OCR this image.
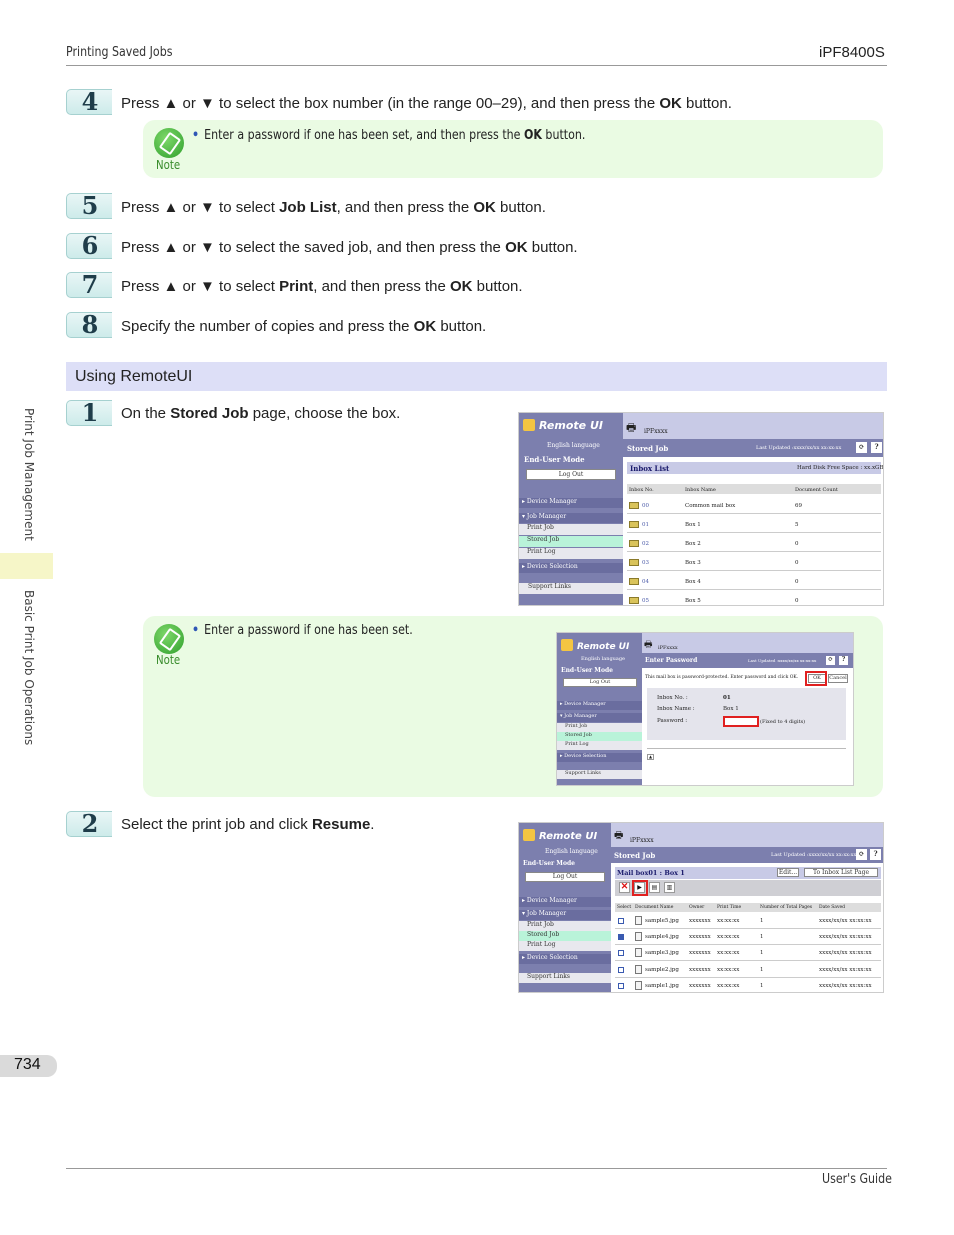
Printing Saved Jobs	iPF8400S
Print Job Management
Basic Print Job Operations
4	Press ▲ or ▼ to select the box number (in the range 00–29), and then press the OK button.
Note
• Enter a password if one has been set, and then press the OK button.
5	Press ▲ or ▼ to select Job List, and then press the OK button.
6	Press ▲ or ▼ to select the saved job, and then press the OK button.
7	Press ▲ or ▼ to select Print, and then press the OK button.
8	Specify the number of copies and press the OK button.
Using RemoteUI
1	On the Stored Job page, choose the box.
Remote UI
English language
End-User Mode
Log Out
▸ Device Manager
▾ Job Manager
Print Job
Stored Job
Print Log
▸ Device Selection
Support Links
🖶 iPFxxxx
Stored Job	Last Updated :xxxx/xx/xx xx:xx:xx	⟳	?
Inbox List	Hard Disk Free Space : xx.xGB
Inbox No.	Inbox Name	Document Count
00	Common mail box	69
01	Box 1	5
02	Box 2	0
03	Box 3	0
04	Box 4	0
05	Box 5	0
Note
• Enter a password if one has been set.
Remote UI
English language
End-User Mode
Log Out
▸ Device Manager
▾ Job Manager
Print Job
Stored Job
Print Log
▸ Device Selection
Support Links
🖶 iPFxxxx
Enter Password	Last Updated :xxxx/xx/xx xx:xx:xx	⟳	?
This mail box is password-protected. Enter password and click OK.	OK	Cancel
Inbox No. :	01
Inbox Name :	Box 1
Password :	(Fixed to 4 digits)
▲
2	Select the print job and click Resume.
Remote UI
English language
End-User Mode
Log Out
▸ Device Manager
▾ Job Manager
Print Job
Stored Job
Print Log
▸ Device Selection
Support Links
🖶 iPFxxxx
Stored Job	Last Updated :xxxx/xx/xx xx:xx:xx ⟳	?
Mail box01 : Box 1	Edit...	To Inbox List Page
✕	▶	▤	▥
Select Document Name	Owner	Print Time	Number of Total Pages Date Saved
sample5.jpg xxxxxxx xx:xx:xx	1	xxxx/xx/xx xx:xx:xx
sample4.jpg xxxxxxx xx:xx:xx	1	xxxx/xx/xx xx:xx:xx
sample3.jpg xxxxxxx xx:xx:xx	1	xxxx/xx/xx xx:xx:xx
sample2.jpg xxxxxxx xx:xx:xx	1	xxxx/xx/xx xx:xx:xx
sample1.jpg xxxxxxx xx:xx:xx	1	xxxx/xx/xx xx:xx:xx
734
User's Guide
